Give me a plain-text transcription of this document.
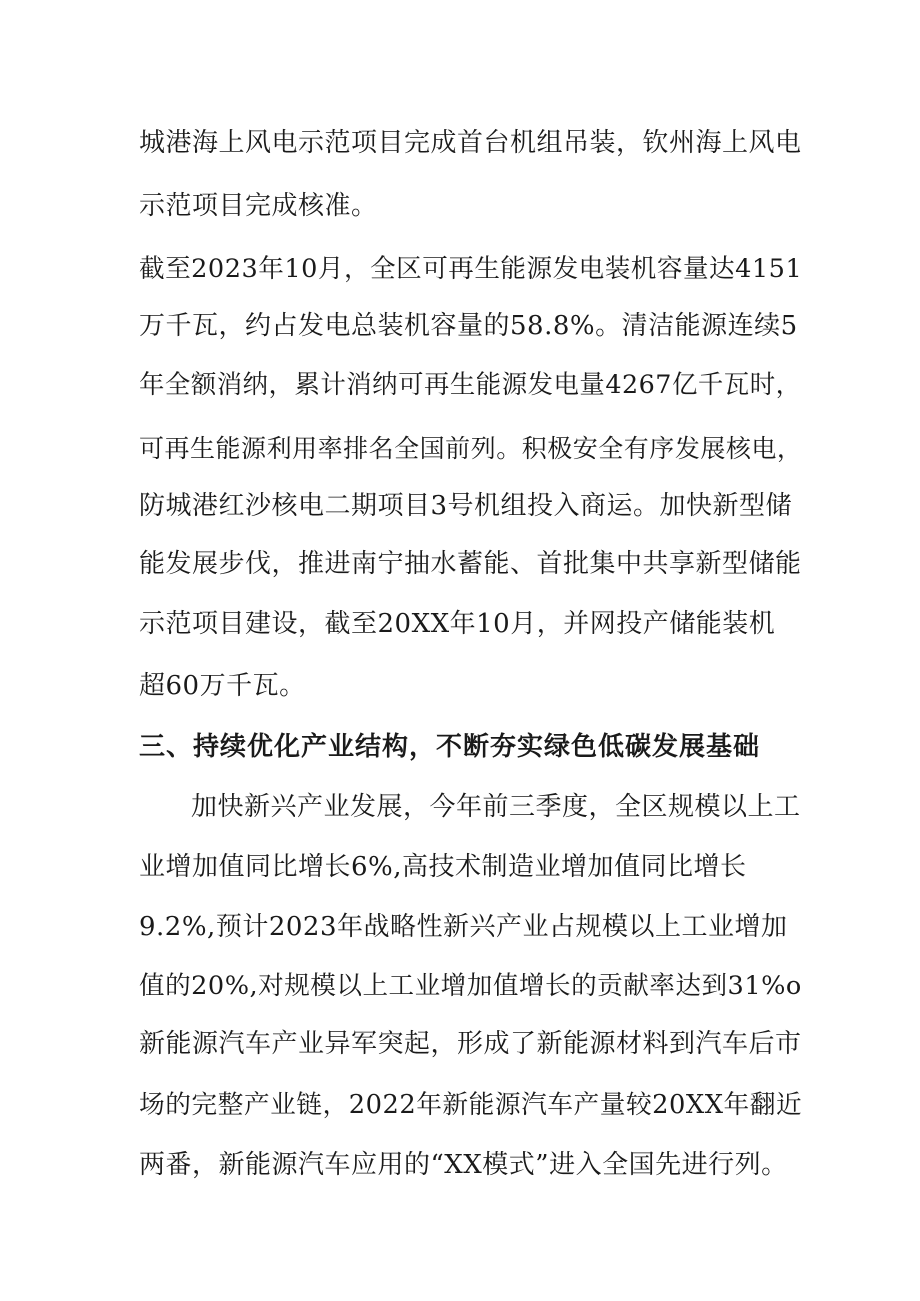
城港海上风电示范项目完成首台机组吊装，钦州海上风电
示范项目完成核准。
截至2023年10月，全区可再生能源发电装机容量达4151
万千瓦，约占发电总装机容量的58.8%。清洁能源连续5
年全额消纳，累计消纳可再生能源发电量4267亿千瓦时，
可再生能源利用率排名全国前列。积极安全有序发展核电，
防城港红沙核电二期项目3号机组投入商运。加快新型储
能发展步伐，推进南宁抽水蓄能、首批集中共享新型储能
示范项目建设，截至20XX年10月，并网投产储能装机
超60万千瓦。
三、持续优化产业结构，不断夯实绿色低碳发展基础
加快新兴产业发展，今年前三季度，全区规模以上工
业增加值同比增长6%,高技术制造业增加值同比增长
9.2%,预计2023年战略性新兴产业占规模以上工业增加
值的20%,对规模以上工业增加值增长的贡献率达到31%o
新能源汽车产业异军突起，形成了新能源材料到汽车后市
场的完整产业链，2022年新能源汽车产量较20XX年翻近
两番，新能源汽车应用的“XX模式”进入全国先进行列。
